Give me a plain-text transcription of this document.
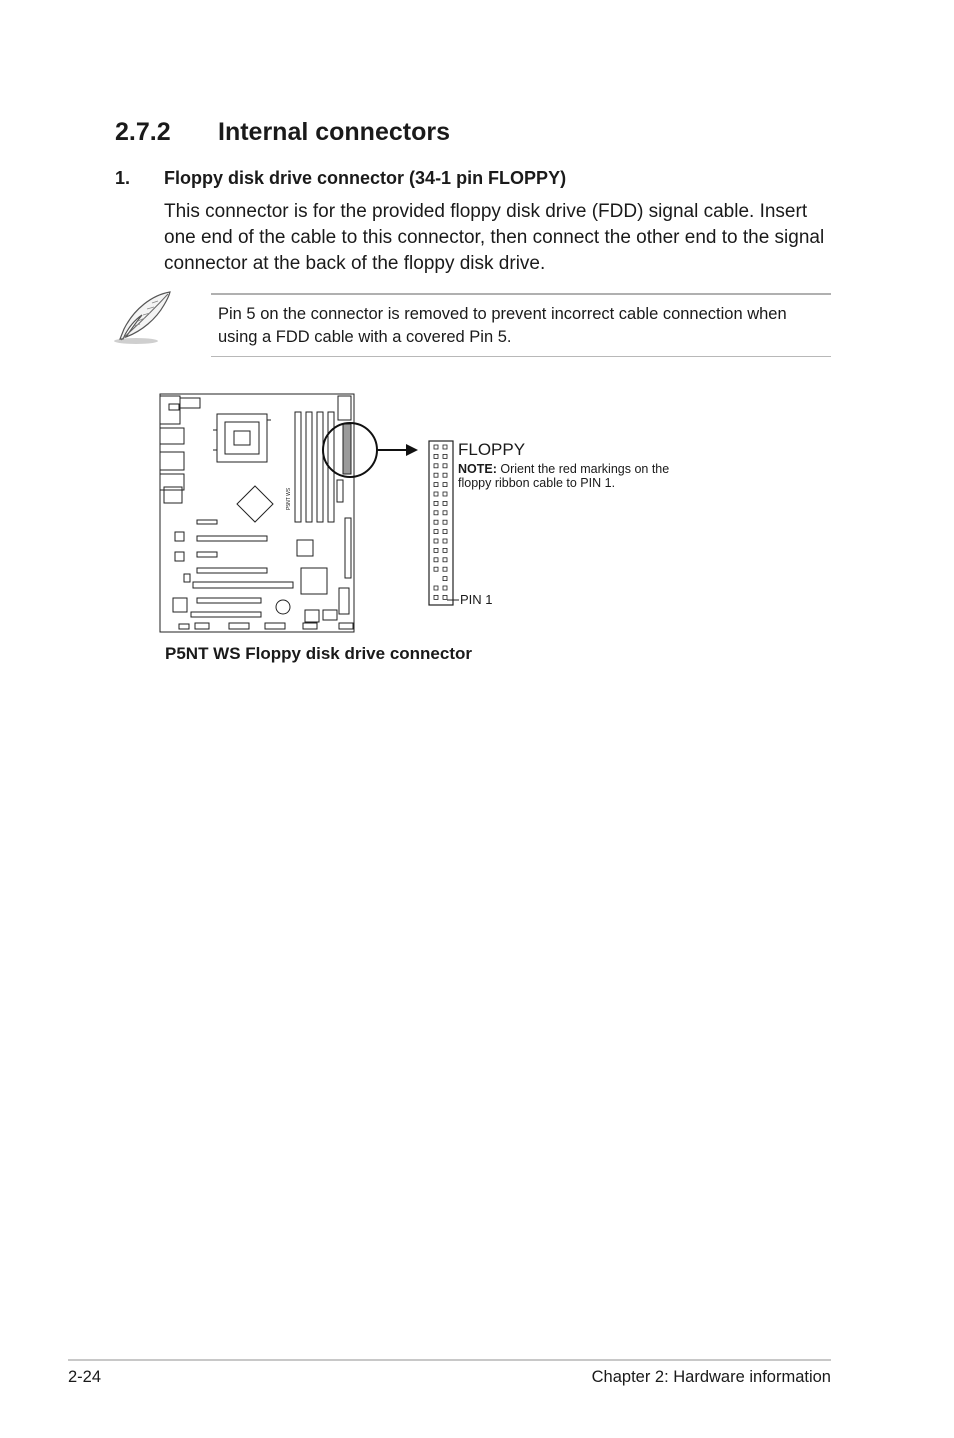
2.7.2 Internal connectors
1. Floppy disk drive connector (34-1 pin FLOPPY)
This connector is for the provided floppy disk drive (FDD) signal cable. Insert one end of the cable to this connector, then connect the other end to the signal connector at the back of the floppy disk drive.
Pin 5 on the connector is removed to prevent incorrect cable connection when using a FDD cable with a covered Pin 5.
P5NT WS
FLOPPY
NOTE: Orient the red markings on the floppy ribbon cable to PIN 1.
PIN 1
P5NT WS Floppy disk drive connector
2-24	Chapter 2: Hardware information
